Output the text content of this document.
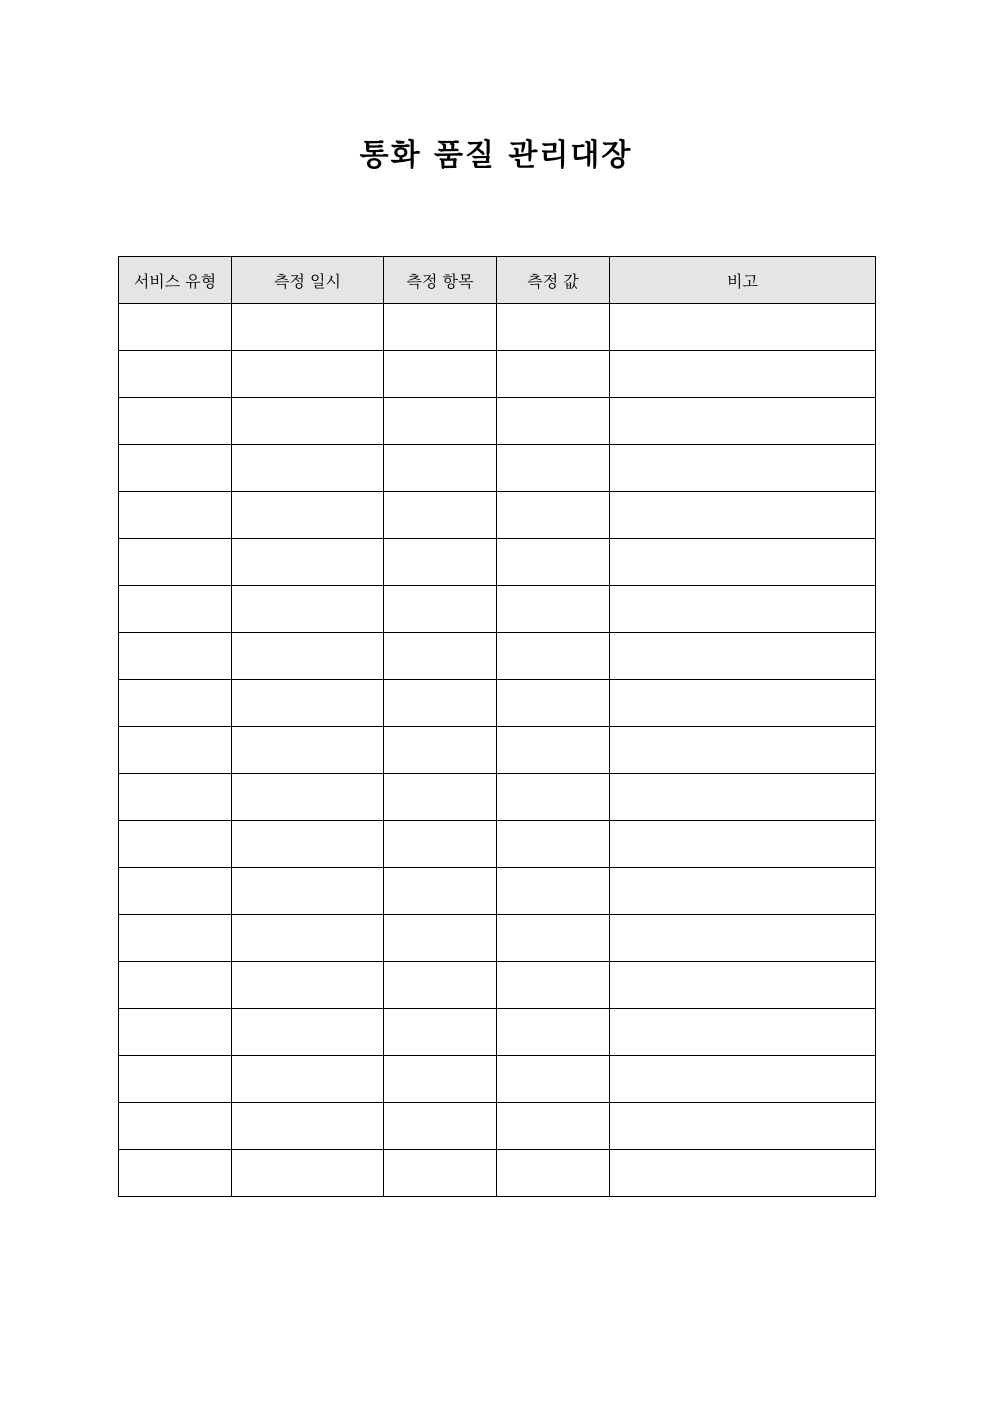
통화 품질 관리대장
서비스 유형	측정 일시	측정 항목	측정 값	비고
